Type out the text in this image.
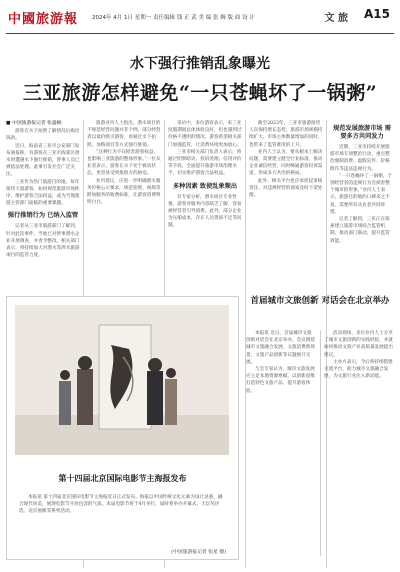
中國旅游報	2024年 4月 1日 星期一 责任编辑 钱 正 武 美 编 张 婉 版 面 设 计	文 旅 A15
水下强行推销乱象曝光
三亚旅游怎样避免“一只苍蝇坏了一锅粥”
■ 中国旅游报记者 张盛楠

游客在水下拍照了解情况后掏出钱款。

近日，海南省三亚市公安部门发布通报称，有游客在三亚市海棠区潜水时遭遇水下强行推销，涉事人员已被依法处理。此事引发社会广泛关注。

三亚作为热门旅游目的地，每年接待大量游客。如何规范旅游市场秩序，维护游客合法权益，成为当地旅游主管部门面临的重要课题。

强行推销行为 已纳入监管

记者从三亚市旅游部门了解到，针对此次事件，当地已对涉事潜水企业开展调查，并责令整改。相关部门表示，将持续加大对潜水等涉水旅游项目的监管力度。

旅游业内人士指出，潜水项目的不规范经营问题并非个例，部分经营者以低价吸引游客，再通过水下拍照、加购项目等方式强行推销。

“这种行为不仅损害游客权益，也影响三亚旅游的整体形象。”一位从业者表示，游客在水下处于被动状态，更容易受到推销方的胁迫。

业内建议，应进一步明确潜水服务价格公示要求，规范拍照、视频等附加服务的收费标准，让游客消费明明白白。

采访中，多位游客表示，来三亚度假期间总体体验良好，但也遇到过价格不透明的情况。游客希望相关部门加强监管，让消费环境更加放心。

三亚市相关部门负责人表示，将通过明察暗访、投诉处理、信用评价等手段，全面提升旅游市场治理水平，切实维护游客合法权益。

多种因素 致使乱象频出

有专家分析，潜水项目专业性强，游客对服务内容缺乏了解，容易被经营者引导消费。此外，部分企业为压缩成本，存在人员资质不足等问题。

截至2023年，三亚市旅游接待人次保持增长态势，旅游市场规模持续扩大。市场主体数量增加的同时，也带来了监管难度的上升。

业内人士认为，要从根本上解决问题，需要建立健全行业标准，推动企业诚信经营，同时畅通游客投诉渠道，形成多方共治的格局。

此外，相关平台也应承担起审核责任，对违规经营的商家及时下架处理。

规范发展旅游市场 需要多方共同发力

近期，三亚市持续开展旅游市场专项整治行动，重点整治强制消费、虚假宣传、价格欺诈等违法违规行为。

“一只苍蝇坏了一锅粥，个别经营者的违规行为会损害整个城市的形象。”业内人士表示，旅游目的地的口碑来之不易，需要所有从业者共同珍惜。

记者了解到，三亚正在探索建立旅游市场综合监管机制，推动部门联动，提升监管效能。

第十四届北京国际电影节主海报发布
本报讯 第十四届北京国际电影节主海报近日正式发布。海报以中国传统文化元素为设计灵感，融合现代审美，展现电影节开放包容的气质。本届电影节将于4月举行，届时将举办开幕式、天坛奖评选、北京展映等系列活动。
(中国旅游报记者 张星 摄)
首届城市文旅创新 对话会在北京举办

本报讯 近日，首届城市文旅创新对话会在北京举办。会议围绕城市文旅融合发展、文旅消费新场景、文旅产品创新等议题展开交流。

与会专家认为，城市文旅发展应立足本地资源禀赋，以创新思维打造特色文旅产品，提升游客体验。

活动现场，多位业内人士分享了城市文旅创新的实践经验，并就如何推动文旅产业高质量发展提出建议。

主办方表示，今后将持续搭建交流平台，助力城市文旅融合发展，为文旅行业注入新动能。
